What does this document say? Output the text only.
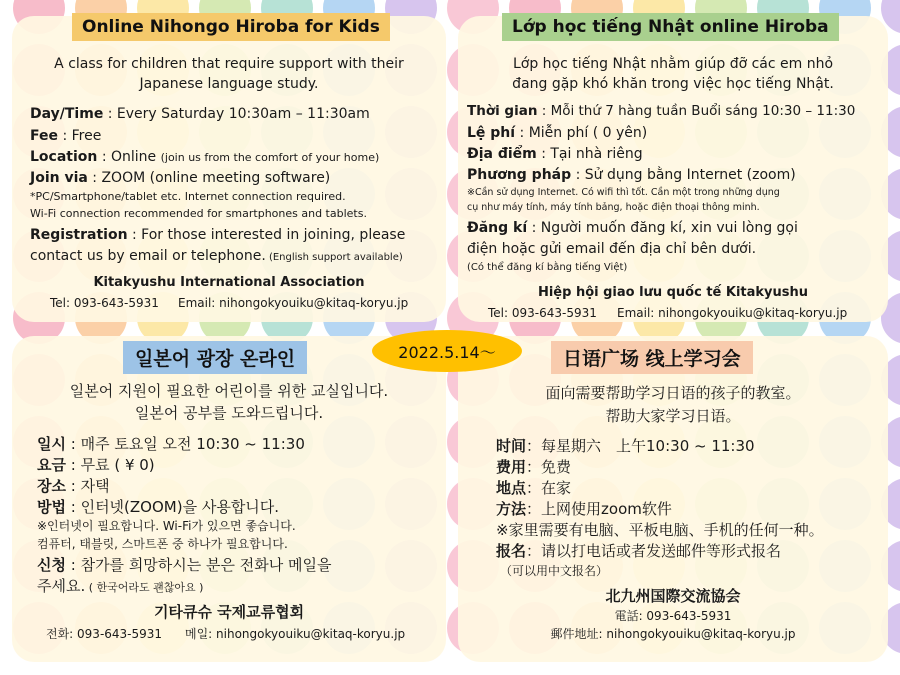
Online Nihongo Hiroba for Kids
A class for children that require support with their
Japanese language study.
Day/Time : Every Saturday 10:30am – 11:30am
Fee : Free
Location : Online (join us from the comfort of your home)
Join via : ZOOM (online meeting software)
*PC/Smartphone/tablet etc. Internet connection required.
Wi-Fi connection recommended for smartphones and tablets.
Registration : For those interested in joining, please
contact us by email or telephone. (English support available)
Kitakyushu International Association
Tel: 093-643-5931 Email: nihongokyouiku@kitaq-koryu.jp
Lớp học tiếng Nhật online Hiroba
Lớp học tiếng Nhật nhằm giúp đỡ các em nhỏ
đang gặp khó khăn trong việc học tiếng Nhật.
Thời gian : Mỗi thứ 7 hàng tuần Buổi sáng 10:30 – 11:30
Lệ phí : Miễn phí ( 0 yên)
Địa điểm : Tại nhà riêng
Phương pháp : Sử dụng bằng Internet (zoom)
※Cần sử dụng Internet. Có wifi thì tốt. Cần một trong những dụng
cụ như máy tính, máy tính bảng, hoặc điện thoại thông minh.
Đăng kí : Người muốn đăng kí, xin vui lòng gọi
điện hoặc gửi email đến địa chỉ bên dưới.
(Có thể đăng kí bằng tiếng Việt)
Hiệp hội giao lưu quốc tế Kitakyushu
Tel: 093-643-5931 Email: nihongokyouiku@kitaq-koryu.jp
2022.5.14～
일본어 광장 온라인
일본어 지원이 필요한 어린이를 위한 교실입니다.
일본어 공부를 도와드립니다.
일시 : 매주 토요일 오전 10:30 ~ 11:30
요금 : 무료 ( ¥ 0)
장소 : 자택
방법 : 인터넷(ZOOM)을 사용합니다.
※인터넷이 필요합니다. Wi-Fi가 있으면 좋습니다.
컴퓨터, 태블릿, 스마트폰 중 하나가 필요합니다.
신청 : 참가를 희망하시는 분은 전화나 메일을
주세요. ( 한국어라도 괜찮아요 )
기타큐슈 국제교류협회
전화: 093-643-5931 메일: nihongokyouiku@kitaq-koryu.jp
日语广场 线上学习会
面向需要帮助学习日语的孩子的教室。
帮助大家学习日语。
时间：每星期六　上午10:30 ~ 11:30
费用：免费
地点：在家
方法：上网使用zoom软件
※家里需要有电脑、平板电脑、手机的任何一种。
报名：请以打电话或者发送邮件等形式报名
（可以用中文报名）
北九州国際交流協会
電話: 093-643-5931
郵件地址: nihongokyouiku@kitaq-koryu.jp
